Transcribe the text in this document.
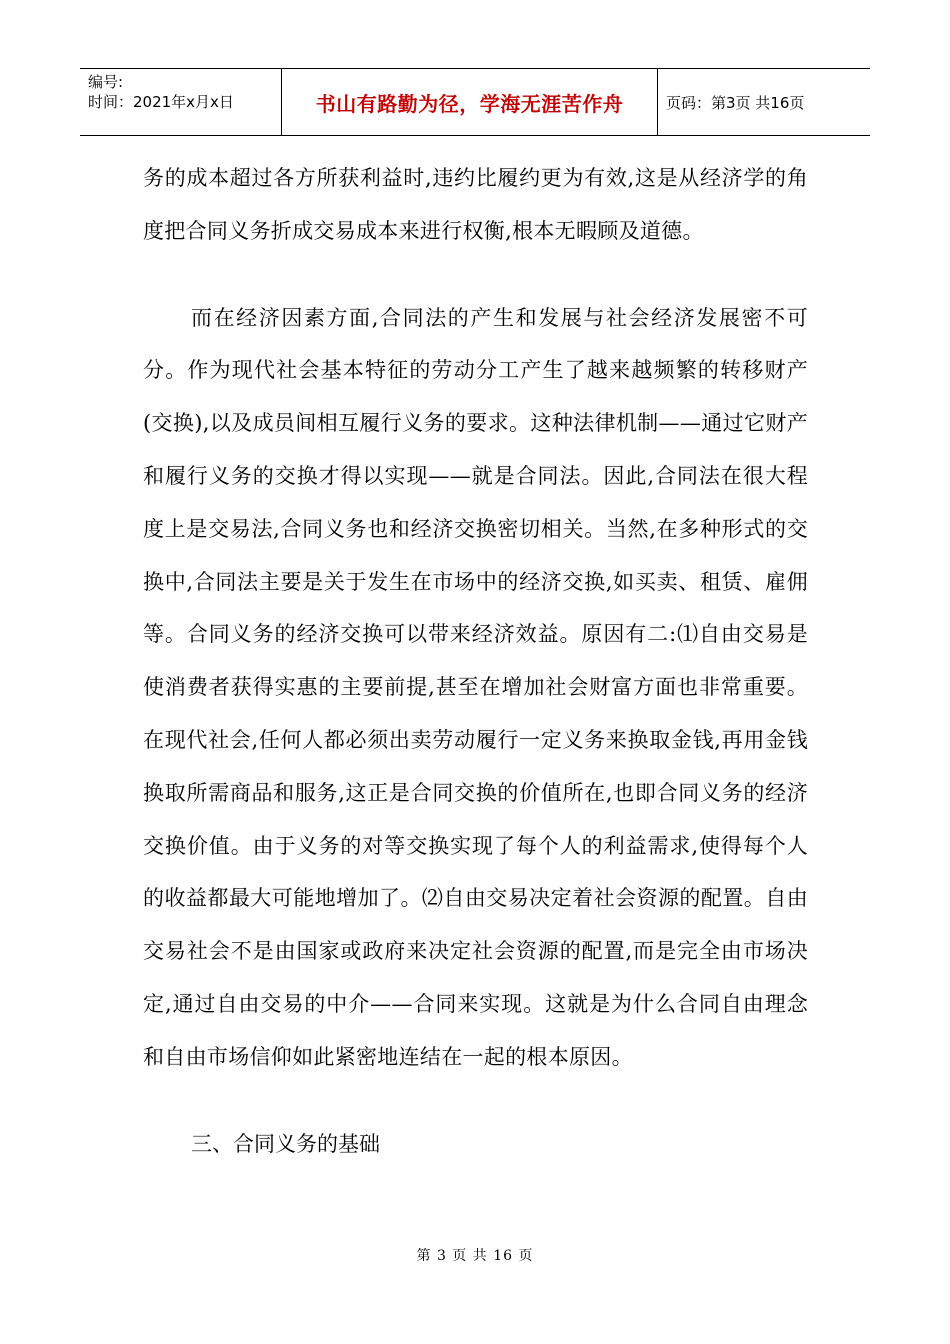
编号:
时间：2021年x月x日	书山有路勤为径，学海无涯苦作舟	页码：第3页 共16页

务的成本超过各方所获利益时,违约比履约更为有效,这是从经济学的角度把合同义务折成交易成本来进行权衡,根本无暇顾及道德。

而在经济因素方面,合同法的产生和发展与社会经济发展密不可分。作为现代社会基本特征的劳动分工产生了越来越频繁的转移财产(交换),以及成员间相互履行义务的要求。这种法律机制——通过它财产和履行义务的交换才得以实现——就是合同法。因此,合同法在很大程度上是交易法,合同义务也和经济交换密切相关。当然,在多种形式的交换中,合同法主要是关于发生在市场中的经济交换,如买卖、租赁、雇佣等。合同义务的经济交换可以带来经济效益。原因有二:⑴自由交易是使消费者获得实惠的主要前提,甚至在增加社会财富方面也非常重要。在现代社会,任何人都必须出卖劳动履行一定义务来换取金钱,再用金钱换取所需商品和服务,这正是合同交换的价值所在,也即合同义务的经济交换价值。由于义务的对等交换实现了每个人的利益需求,使得每个人的收益都最大可能地增加了。⑵自由交易决定着社会资源的配置。自由交易社会不是由国家或政府来决定社会资源的配置,而是完全由市场决定,通过自由交易的中介——合同来实现。这就是为什么合同自由理念和自由市场信仰如此紧密地连结在一起的根本原因。

三、合同义务的基础

第 3 页 共 16 页
